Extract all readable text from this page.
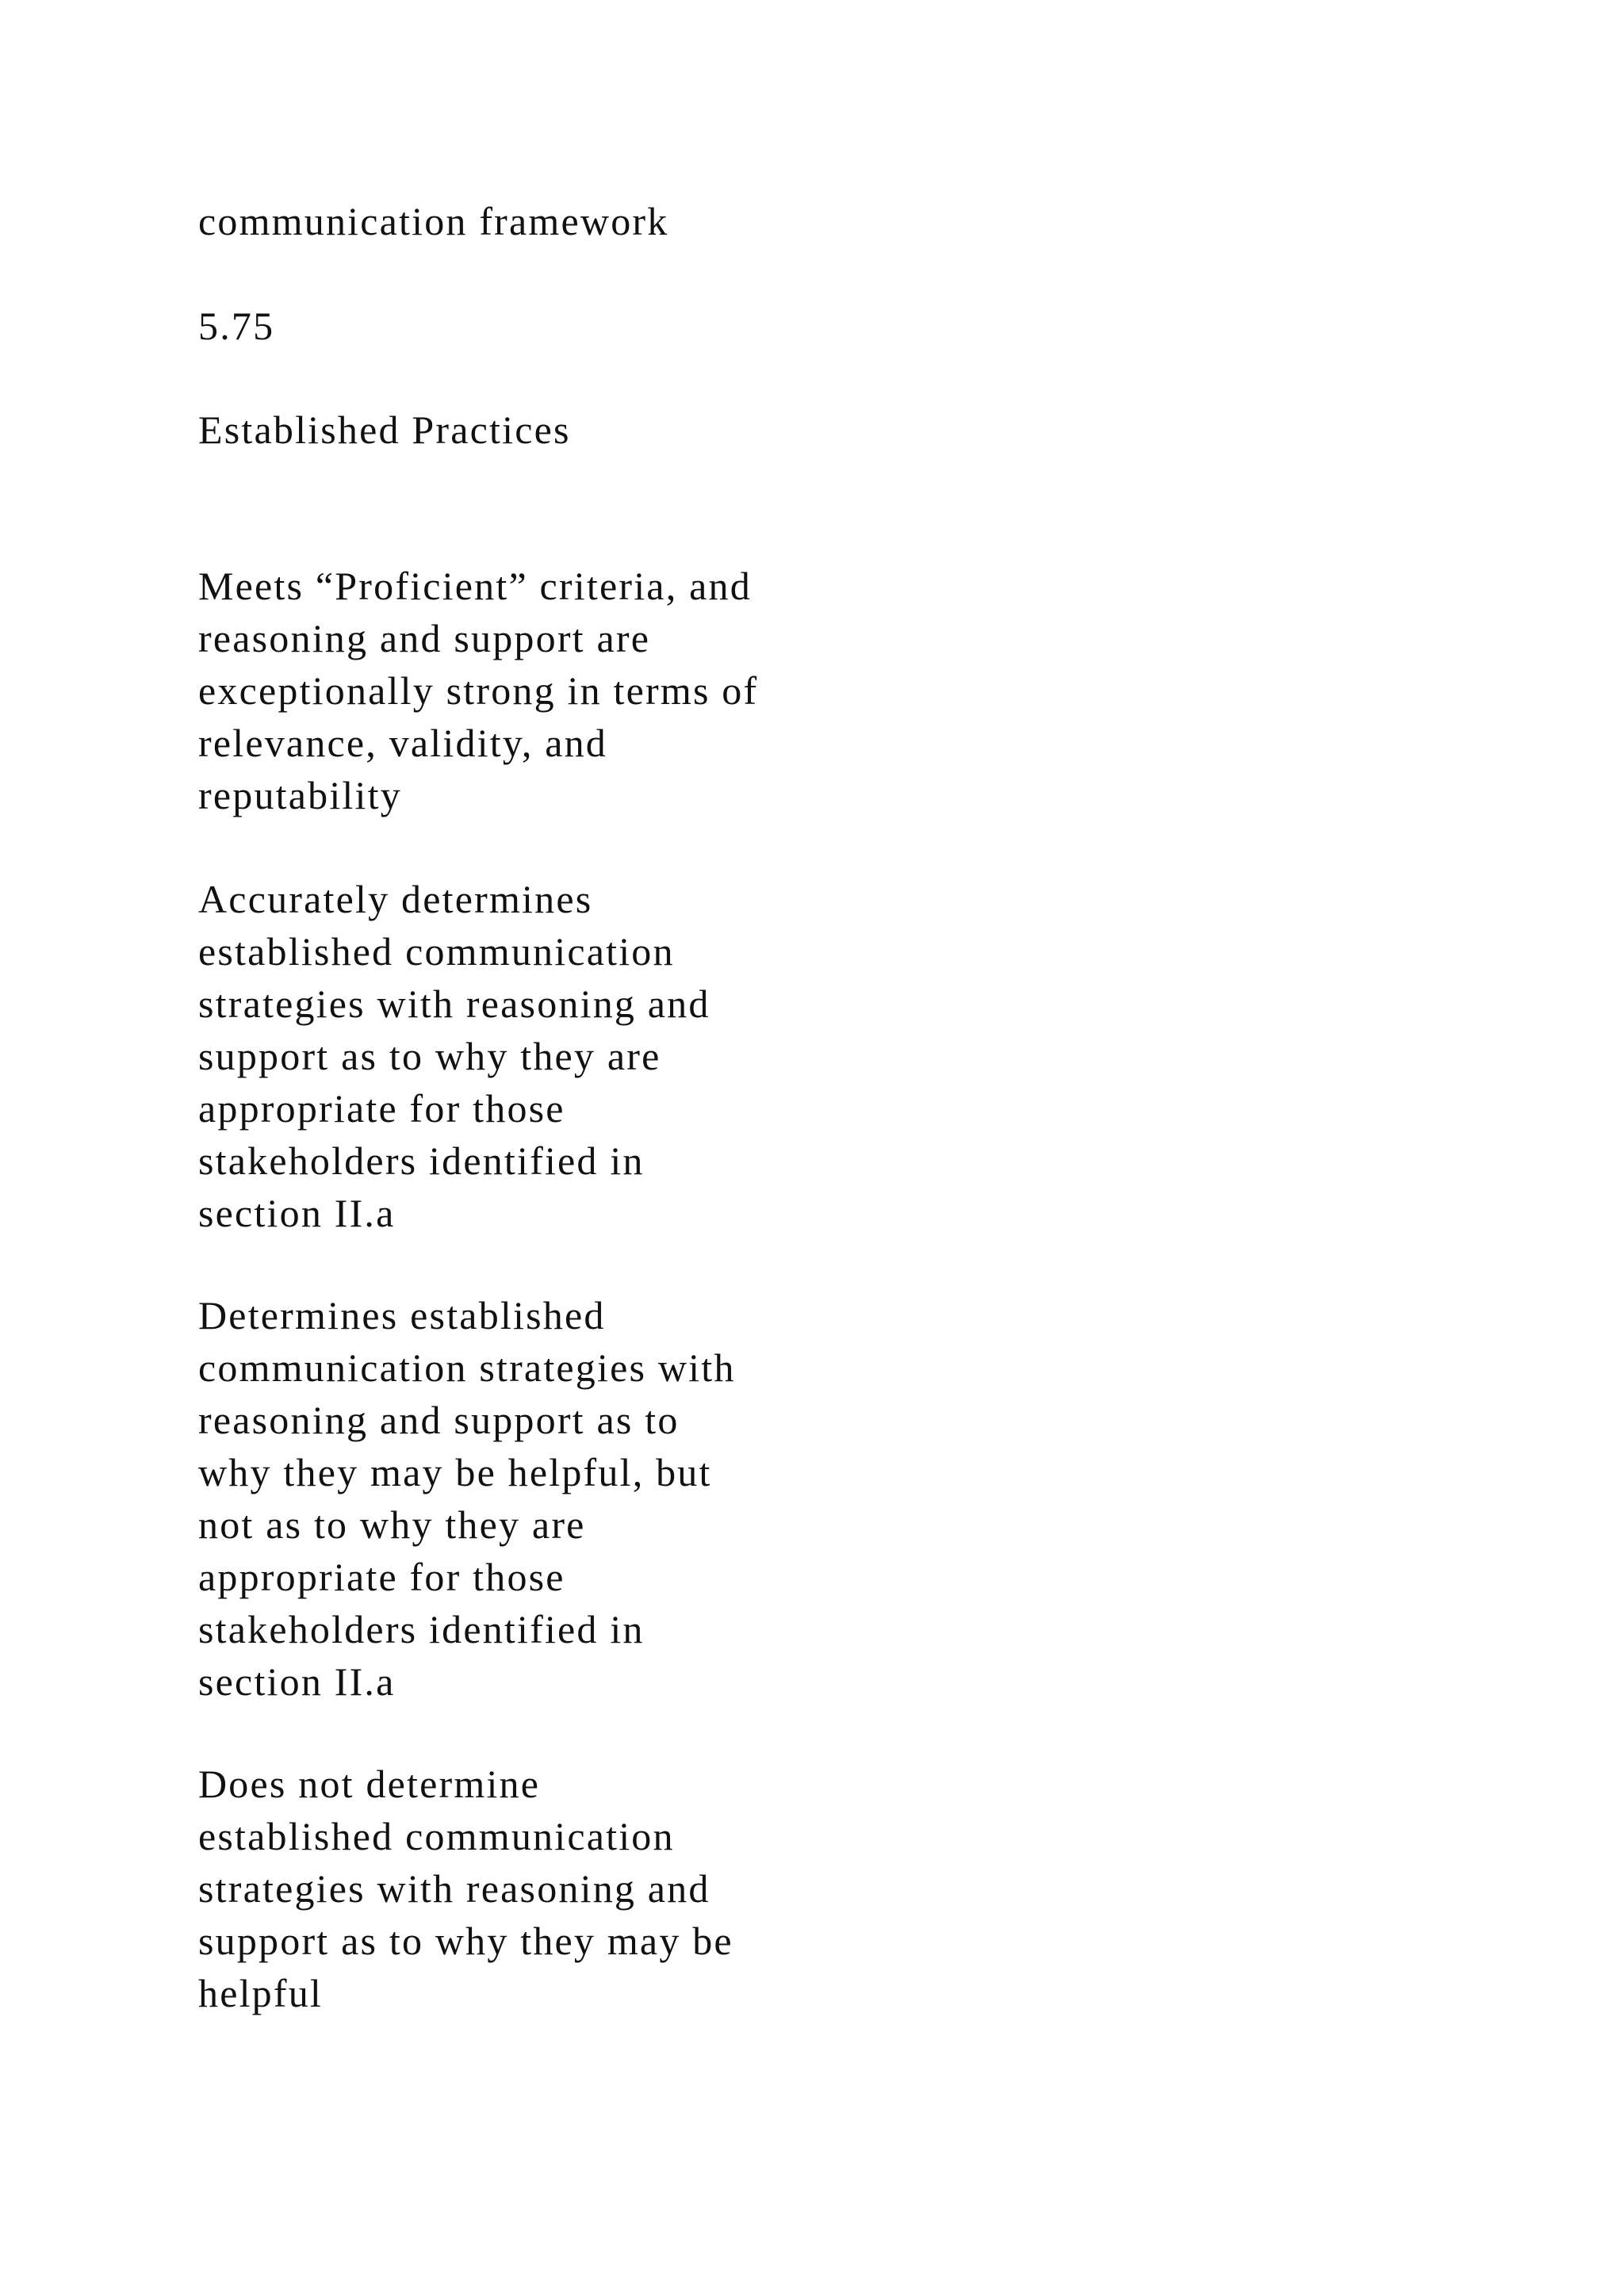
communication framework

5.75

Established Practices

Meets “Proficient” criteria, and
reasoning and support are
exceptionally strong in terms of
relevance, validity, and
reputability

Accurately determines
established communication
strategies with reasoning and
support as to why they are
appropriate for those
stakeholders identified in
section II.a

Determines established
communication strategies with
reasoning and support as to
why they may be helpful, but
not as to why they are
appropriate for those
stakeholders identified in
section II.a

Does not determine
established communication
strategies with reasoning and
support as to why they may be
helpful
